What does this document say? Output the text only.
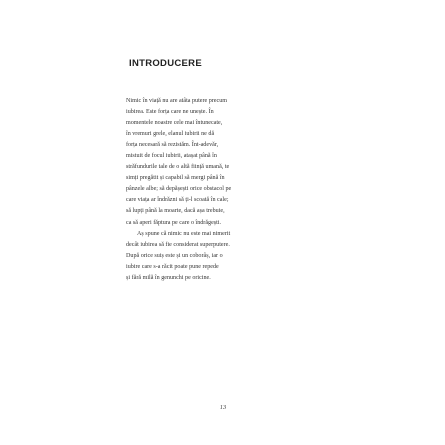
INTRODUCERE
Nimic în viață nu are atâta putere precum
iubirea. Este forța care ne unește. În
momentele noastre cele mai întunecate,
în vremuri grele, elanul iubirii ne dă
forța necesară să rezistăm. Înt-adevăr,
mistuit de focul iubirii, atașat până în
străfundurile tale de o altă ființă umană, te
simți pregătit și capabil să mergi până în
pânzele albe; să depășești orice obstacol pe
care viața ar îndrăzni să ți-l scoată în cale;
să lupți până la moarte, dacă așa trebuie,
ca să aperi făptura pe care o îndrăgești.
Aș spune că nimic nu este mai nimerit
decât iubirea să fie considerat superputere.
După orice suiș este și un coborâș, iar o
iubire care s-a răcit poate pune repede
și fără milă în genunchi pe oricine.
13
